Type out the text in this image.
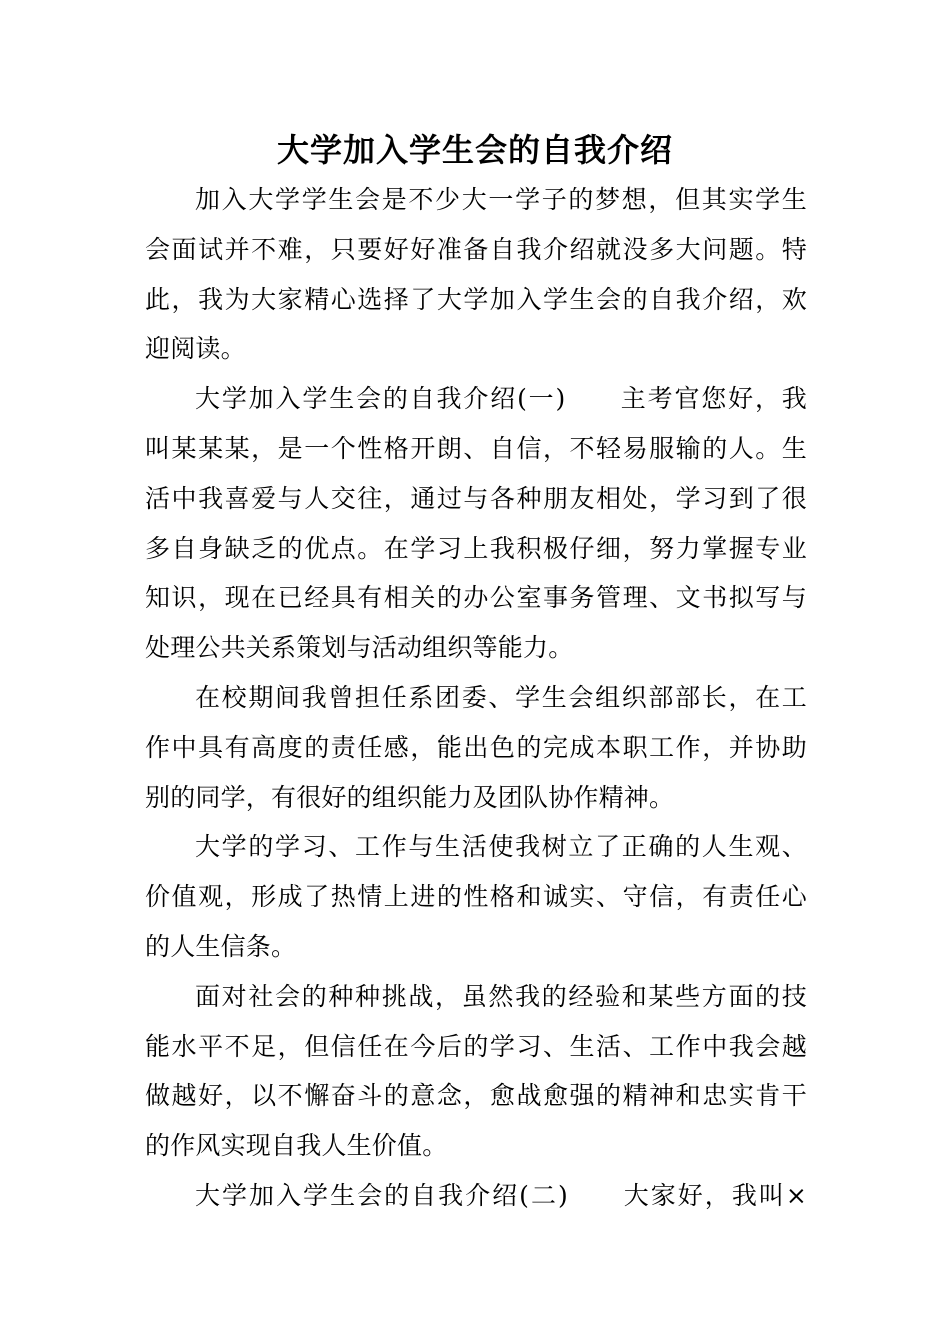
大学加入学生会的自我介绍

加入大学学生会是不少大一学子的梦想，但其实学生
会面试并不难，只要好好准备自我介绍就没多大问题。特
此，我为大家精心选择了大学加入学生会的自我介绍，欢
迎阅读。

大学加入学生会的自我介绍(一)　　主考官您好，我
叫某某某，是一个性格开朗、自信，不轻易服输的人。生
活中我喜爱与人交往，通过与各种朋友相处，学习到了很
多自身缺乏的优点。在学习上我积极仔细，努力掌握专业
知识，现在已经具有相关的办公室事务管理、文书拟写与
处理公共关系策划与活动组织等能力。

在校期间我曾担任系团委、学生会组织部部长，在工
作中具有高度的责任感，能出色的完成本职工作，并协助
别的同学，有很好的组织能力及团队协作精神。

大学的学习、工作与生活使我树立了正确的人生观、
价值观，形成了热情上进的性格和诚实、守信，有责任心
的人生信条。

面对社会的种种挑战，虽然我的经验和某些方面的技
能水平不足，但信任在今后的学习、生活、工作中我会越
做越好，以不懈奋斗的意念，愈战愈强的精神和忠实肯干
的作风实现自我人生价值。

大学加入学生会的自我介绍(二)　　大家好，我叫×
